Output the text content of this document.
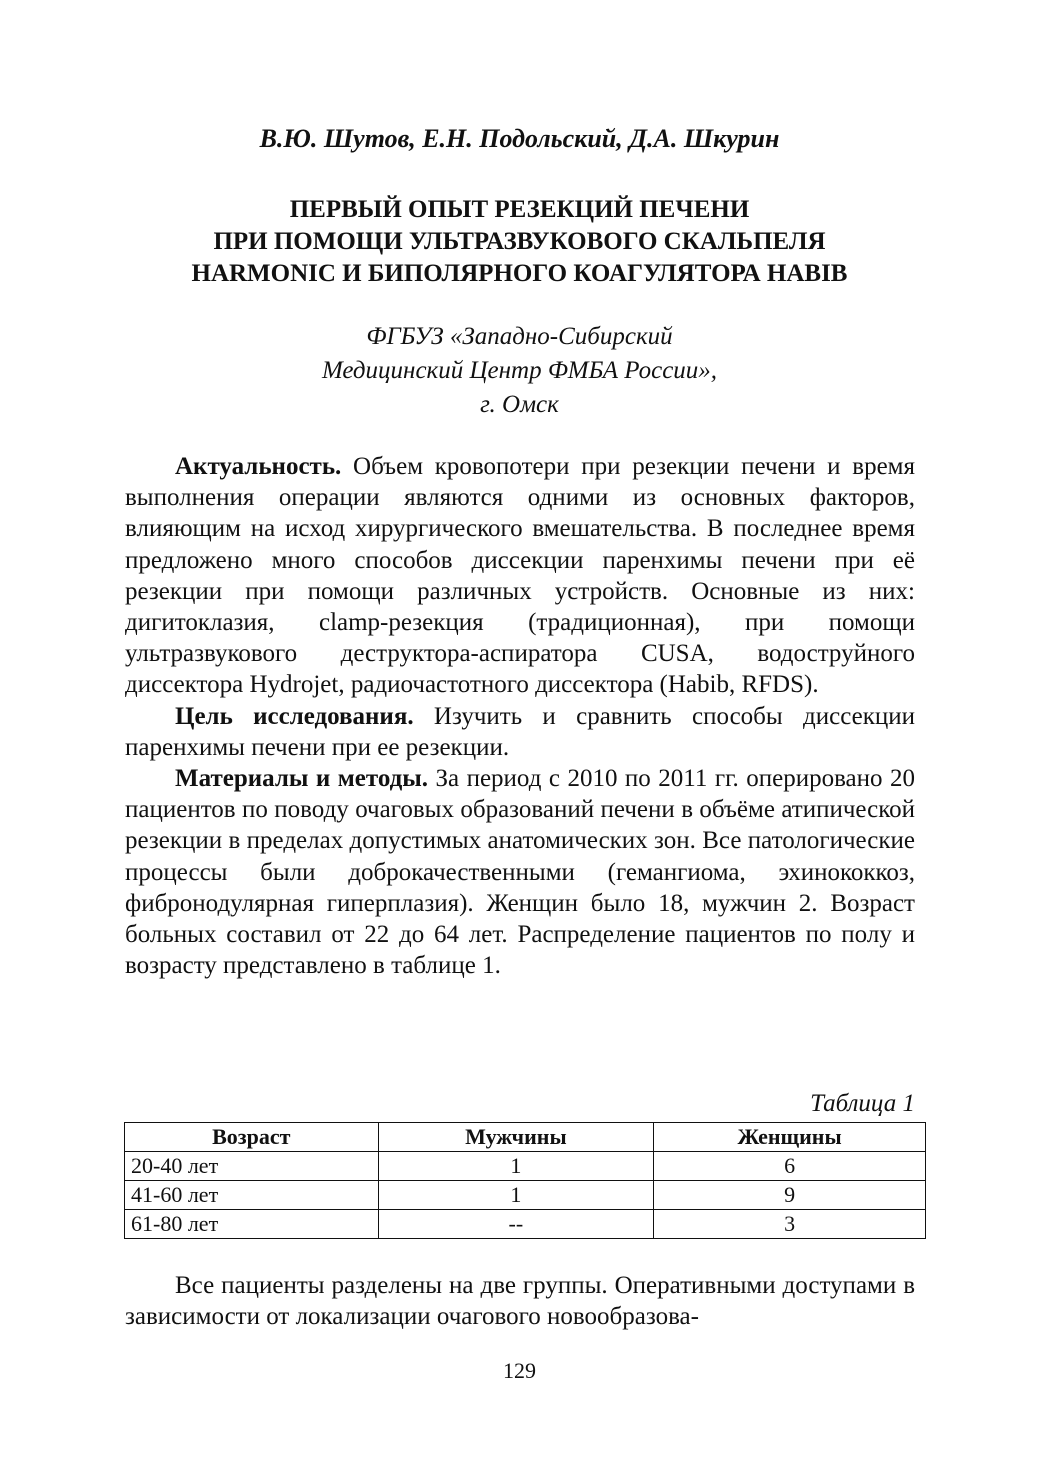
В.Ю. Шутов, Е.Н. Подольский, Д.А. Шкурин
ПЕРВЫЙ ОПЫТ РЕЗЕКЦИЙ ПЕЧЕНИ
ПРИ ПОМОЩИ УЛЬТРАЗВУКОВОГО СКАЛЬПЕЛЯ
HARMONIC И БИПОЛЯРНОГО КОАГУЛЯТОРА HABIB
ФГБУЗ «Западно-Сибирский
Медицинский Центр ФМБА России»,
г. Омск

Актуальность. Объем кровопотери при резекции печени и время выполнения операции являются одними из основных факторов, влияющим на исход хирургического вмешательства. В последнее время предложено много способов диссекции паренхимы печени при её резекции при помощи различных устройств. Основные из них: дигитоклазия, clamp-резекция (традиционная), при помощи ультразвукового деструктора-аспиратора CUSA, водоструйного диссектора Hydrojet, радиочастотного диссектора (Habib, RFDS).

Цель исследования. Изучить и сравнить способы диссекции паренхимы печени при ее резекции.

Материалы и методы. За период с 2010 по 2011 гг. оперировано 20 пациентов по поводу очаговых образований печени в объёме атипической резекции в пределах допустимых анатомических зон. Все патологические процессы были доброкачественными (гемангиома, эхинококкоз, фибронодулярная гиперплазия). Женщин было 18, мужчин 2. Возраст больных составил от 22 до 64 лет. Распределение пациентов по полу и возрасту представлено в таблице 1.

Таблица 1
Возраст	Мужчины	Женщины
20-40 лет	1	6
41-60 лет	1	9
61-80 лет	--	3

Все пациенты разделены на две группы. Оперативными доступами в зависимости от локализации очагового новообразова-

129
